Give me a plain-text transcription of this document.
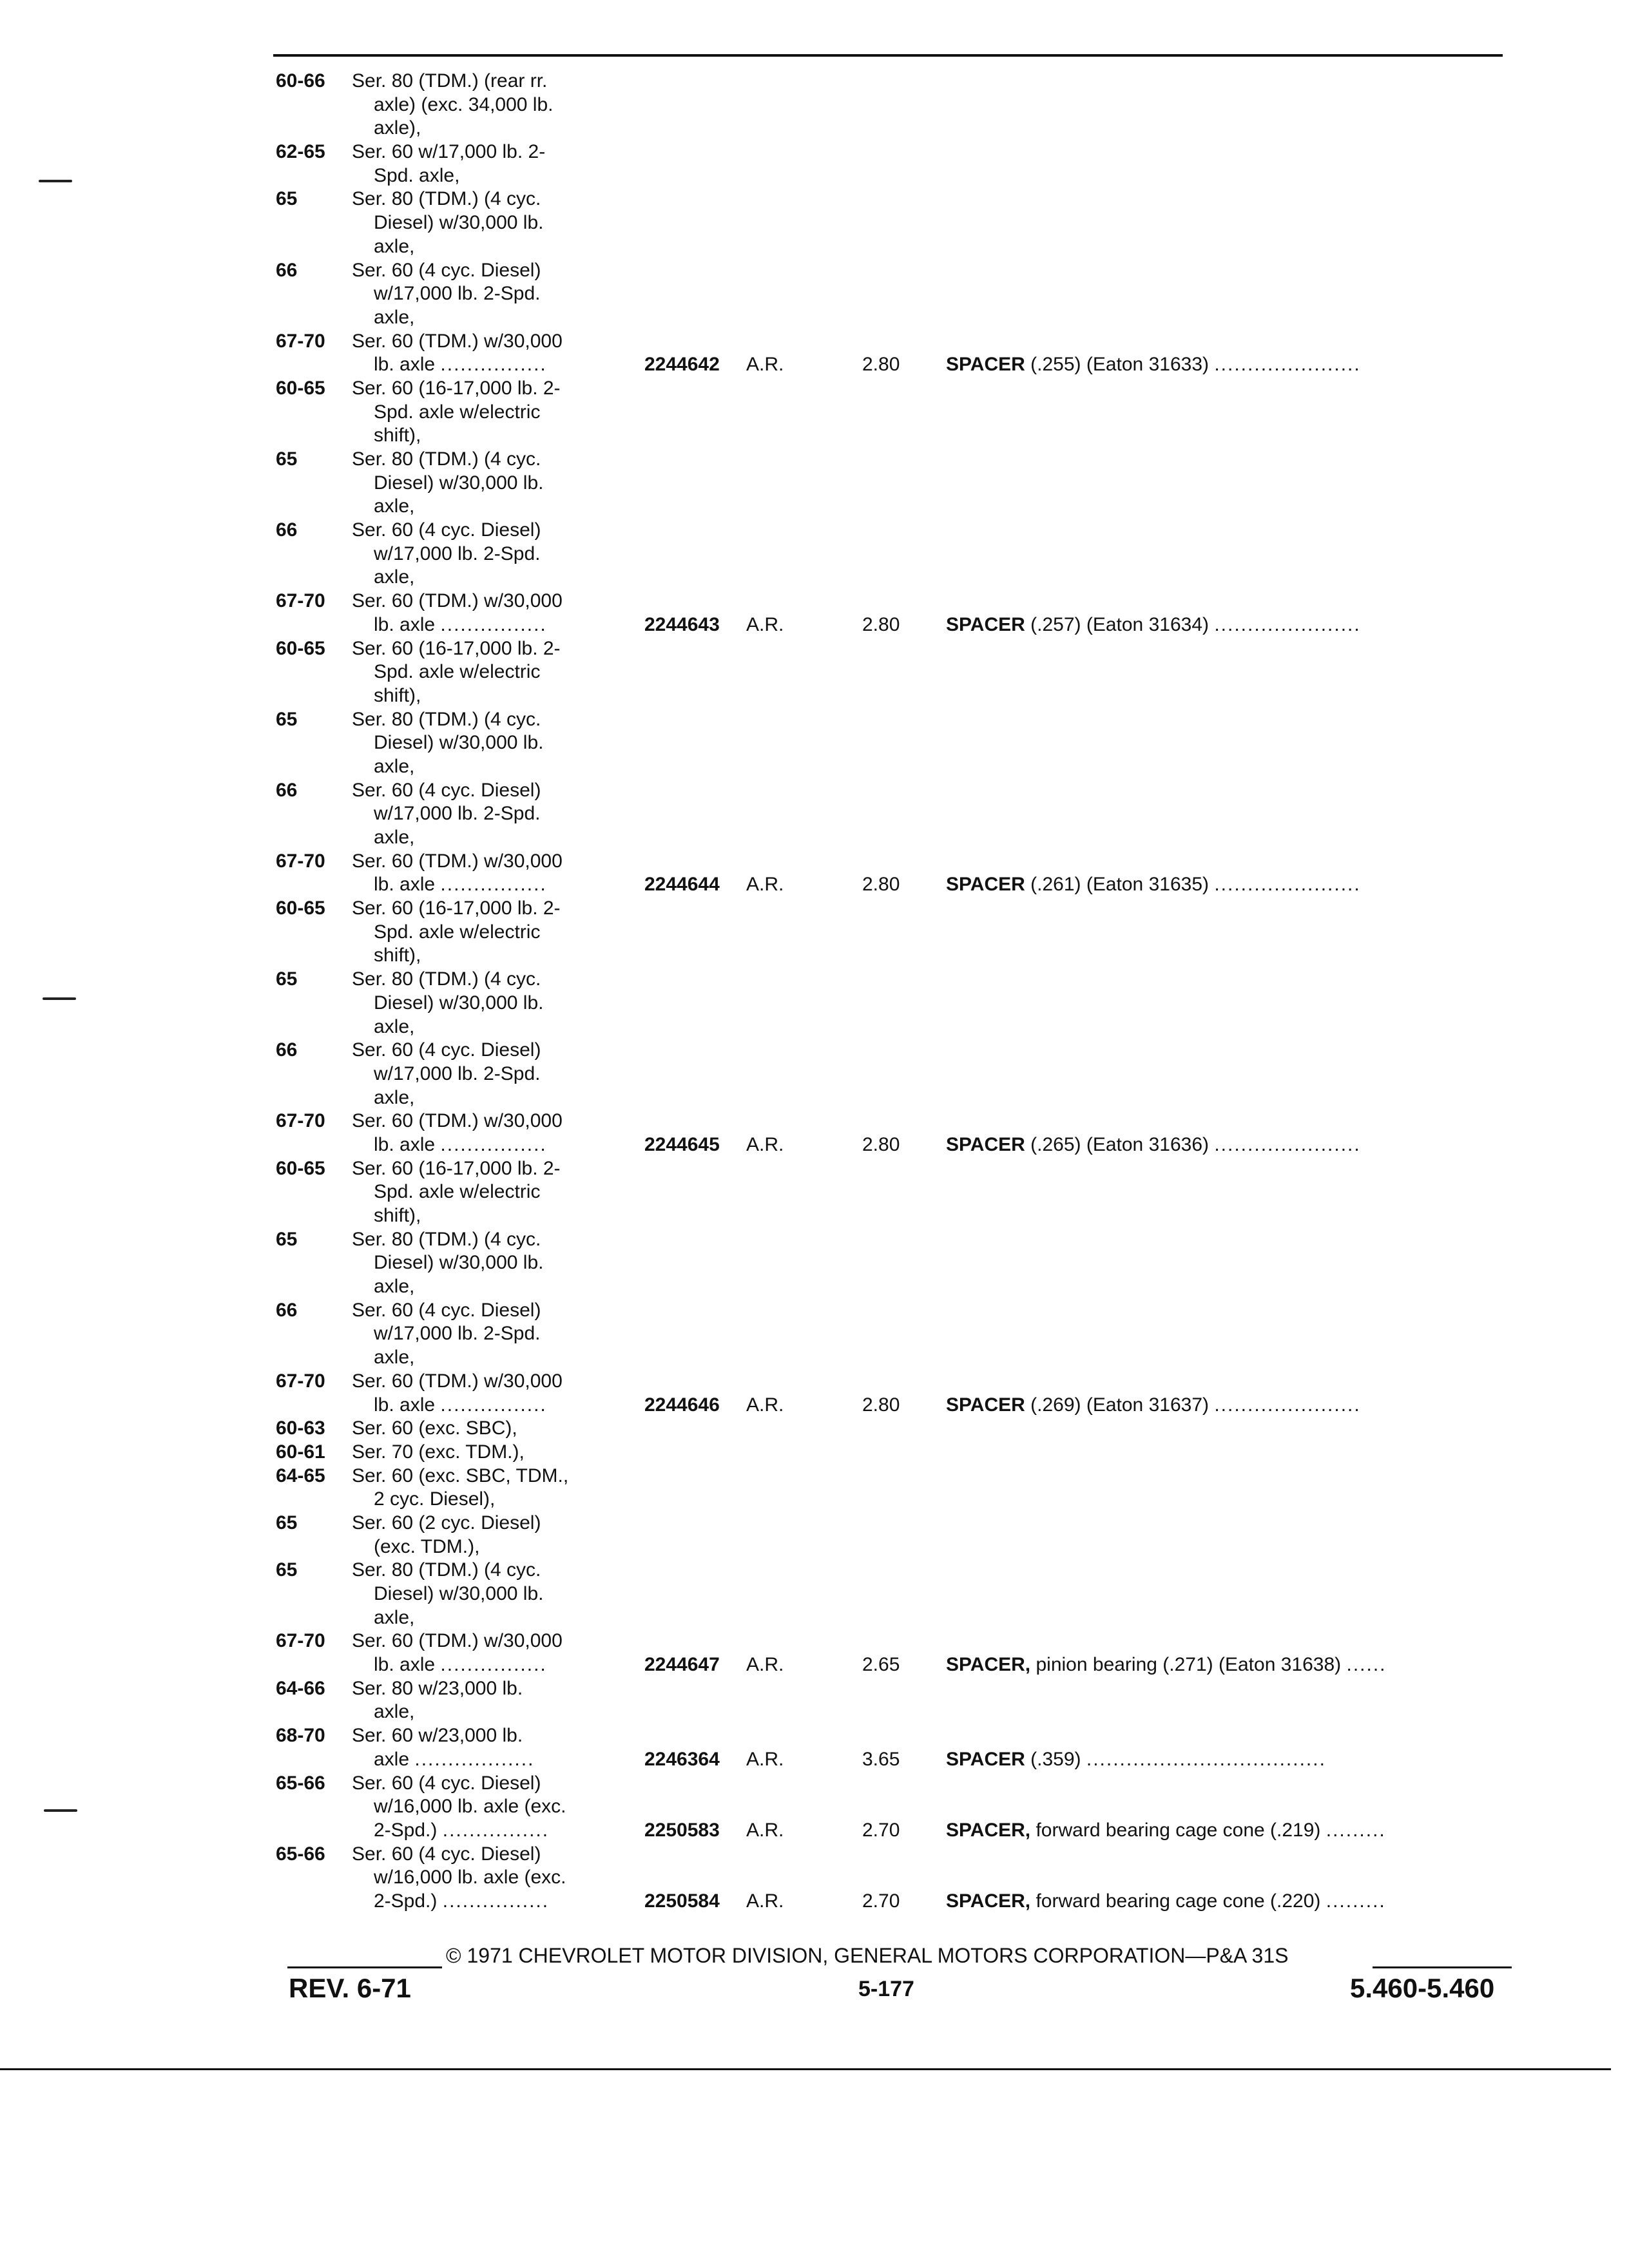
60-66 Ser. 80 (TDM.) (rear rr.
axle) (exc. 34,000 lb.
axle),
62-65 Ser. 60 w/17,000 lb. 2-
Spd. axle,
65	Ser. 80 (TDM.) (4 cyc.
Diesel) w/30,000 lb.
axle,
66	Ser. 60 (4 cyc. Diesel)
w/17,000 lb. 2-Spd.
axle,
67-70 Ser. 60 (TDM.) w/30,000
lb. axle ................	2244642 A.R.	2.80 SPACER (.255) (Eaton 31633) ......................
60-65 Ser. 60 (16-17,000 lb. 2-
Spd. axle w/electric
shift),
65	Ser. 80 (TDM.) (4 cyc.
Diesel) w/30,000 lb.
axle,
66	Ser. 60 (4 cyc. Diesel)
w/17,000 lb. 2-Spd.
axle,
67-70 Ser. 60 (TDM.) w/30,000
lb. axle ................	2244643 A.R.	2.80 SPACER (.257) (Eaton 31634) ......................
60-65 Ser. 60 (16-17,000 lb. 2-
Spd. axle w/electric
shift),
65	Ser. 80 (TDM.) (4 cyc.
Diesel) w/30,000 lb.
axle,
66	Ser. 60 (4 cyc. Diesel)
w/17,000 lb. 2-Spd.
axle,
67-70 Ser. 60 (TDM.) w/30,000
lb. axle ................	2244644 A.R.	2.80 SPACER (.261) (Eaton 31635) ......................
60-65 Ser. 60 (16-17,000 lb. 2-
Spd. axle w/electric
shift),
65	Ser. 80 (TDM.) (4 cyc.
Diesel) w/30,000 lb.
axle,
66	Ser. 60 (4 cyc. Diesel)
w/17,000 lb. 2-Spd.
axle,
67-70 Ser. 60 (TDM.) w/30,000
lb. axle ................	2244645 A.R.	2.80 SPACER (.265) (Eaton 31636) ......................
60-65 Ser. 60 (16-17,000 lb. 2-
Spd. axle w/electric
shift),
65	Ser. 80 (TDM.) (4 cyc.
Diesel) w/30,000 lb.
axle,
66	Ser. 60 (4 cyc. Diesel)
w/17,000 lb. 2-Spd.
axle,
67-70 Ser. 60 (TDM.) w/30,000
lb. axle ................	2244646 A.R.	2.80 SPACER (.269) (Eaton 31637) ......................
60-63 Ser. 60 (exc. SBC),
60-61 Ser. 70 (exc. TDM.),
64-65 Ser. 60 (exc. SBC, TDM.,
2 cyc. Diesel),
65	Ser. 60 (2 cyc. Diesel)
(exc. TDM.),
65	Ser. 80 (TDM.) (4 cyc.
Diesel) w/30,000 lb.
axle,
67-70 Ser. 60 (TDM.) w/30,000
lb. axle ................	2244647 A.R.	2.65 SPACER, pinion bearing (.271) (Eaton 31638) ......
64-66 Ser. 80 w/23,000 lb.
axle,
68-70 Ser. 60 w/23,000 lb.
axle ..................	2246364 A.R.	3.65 SPACER (.359) ....................................
65-66 Ser. 60 (4 cyc. Diesel)
w/16,000 lb. axle (exc.
2-Spd.) ................	2250583 A.R.	2.70 SPACER, forward bearing cage cone (.219) .........
65-66 Ser. 60 (4 cyc. Diesel)
w/16,000 lb. axle (exc.
2-Spd.) ................	2250584 A.R.	2.70 SPACER, forward bearing cage cone (.220) .........
© 1971 CHEVROLET MOTOR DIVISION, GENERAL MOTORS CORPORATION—P&A 31S
REV. 6-71	5-177	5.460-5.460
